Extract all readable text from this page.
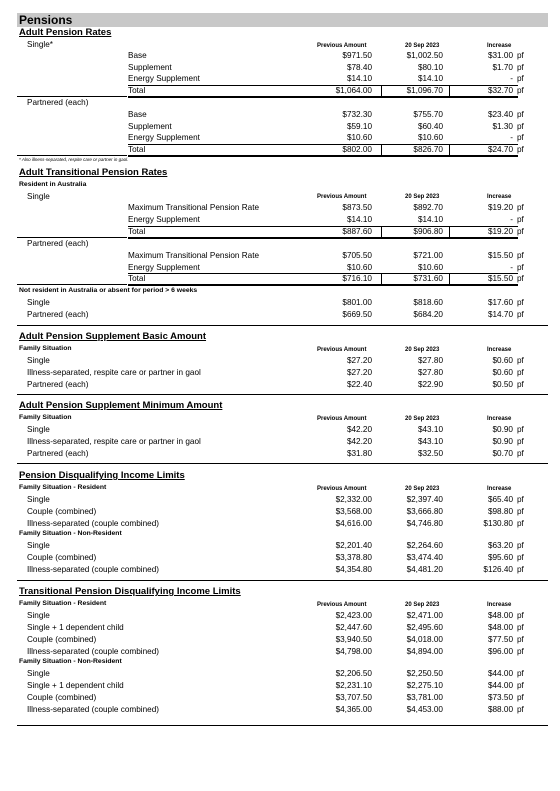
Pensions
Adult Pension Rates
Previous Amount	20 Sep 2023	Increase
Single*
Base	$971.50	$1,002.50	$31.00 pf
Supplement	$78.40	$80.10	$1.70 pf
Energy Supplement	$14.10	$14.10	- pf
Total	$1,064.00	$1,096.70	$32.70 pf
Partnered (each)
Base	$732.30	$755.70	$23.40 pf
Supplement	$59.10	$60.40	$1.30 pf
Energy Supplement	$10.60	$10.60	- pf
Total	$802.00	$826.70	$24.70 pf
* Also illness-separated, respite care or partner in gaol.
Adult Transitional Pension Rates
Resident in Australia
Previous Amount	20 Sep 2023	Increase
Single
Maximum Transitional Pension Rate	$873.50	$892.70	$19.20 pf
Energy Supplement	$14.10	$14.10	- pf
Total	$887.60	$906.80	$19.20 pf
Partnered (each)
Maximum Transitional Pension Rate	$705.50	$721.00	$15.50 pf
Energy Supplement	$10.60	$10.60	- pf
Total	$716.10	$731.60	$15.50 pf
Not resident in Australia or absent for period > 6 weeks
Single	$801.00	$818.60	$17.60 pf
Partnered (each)	$669.50	$684.20	$14.70 pf
Adult Pension Supplement Basic Amount
Family Situation	Previous Amount	20 Sep 2023	Increase
Single	$27.20	$27.80	$0.60 pf
Illness-separated, respite care or partner in gaol	$27.20	$27.80	$0.60 pf
Partnered (each)	$22.40	$22.90	$0.50 pf
Adult Pension Supplement Minimum Amount
Family Situation	Previous Amount	20 Sep 2023	Increase
Single	$42.20	$43.10	$0.90 pf
Illness-separated, respite care or partner in gaol	$42.20	$43.10	$0.90 pf
Partnered (each)	$31.80	$32.50	$0.70 pf
Pension Disqualifying Income Limits
Family Situation - Resident	Previous Amount	20 Sep 2023	Increase
Single	$2,332.00	$2,397.40	$65.40 pf
Couple (combined)	$3,568.00	$3,666.80	$98.80 pf
Illness-separated (couple combined)	$4,616.00	$4,746.80	$130.80 pf
Family Situation - Non-Resident
Single	$2,201.40	$2,264.60	$63.20 pf
Couple (combined)	$3,378.80	$3,474.40	$95.60 pf
Illness-separated (couple combined)	$4,354.80	$4,481.20	$126.40 pf
Transitional Pension Disqualifying Income Limits
Family Situation - Resident	Previous Amount	20 Sep 2023	Increase
Single	$2,423.00	$2,471.00	$48.00 pf
Single + 1 dependent child	$2,447.60	$2,495.60	$48.00 pf
Couple (combined)	$3,940.50	$4,018.00	$77.50 pf
Illness-separated (couple combined)	$4,798.00	$4,894.00	$96.00 pf
Family Situation - Non-Resident
Single	$2,206.50	$2,250.50	$44.00 pf
Single + 1 dependent child	$2,231.10	$2,275.10	$44.00 pf
Couple (combined)	$3,707.50	$3,781.00	$73.50 pf
Illness-separated (couple combined)	$4,365.00	$4,453.00	$88.00 pf
